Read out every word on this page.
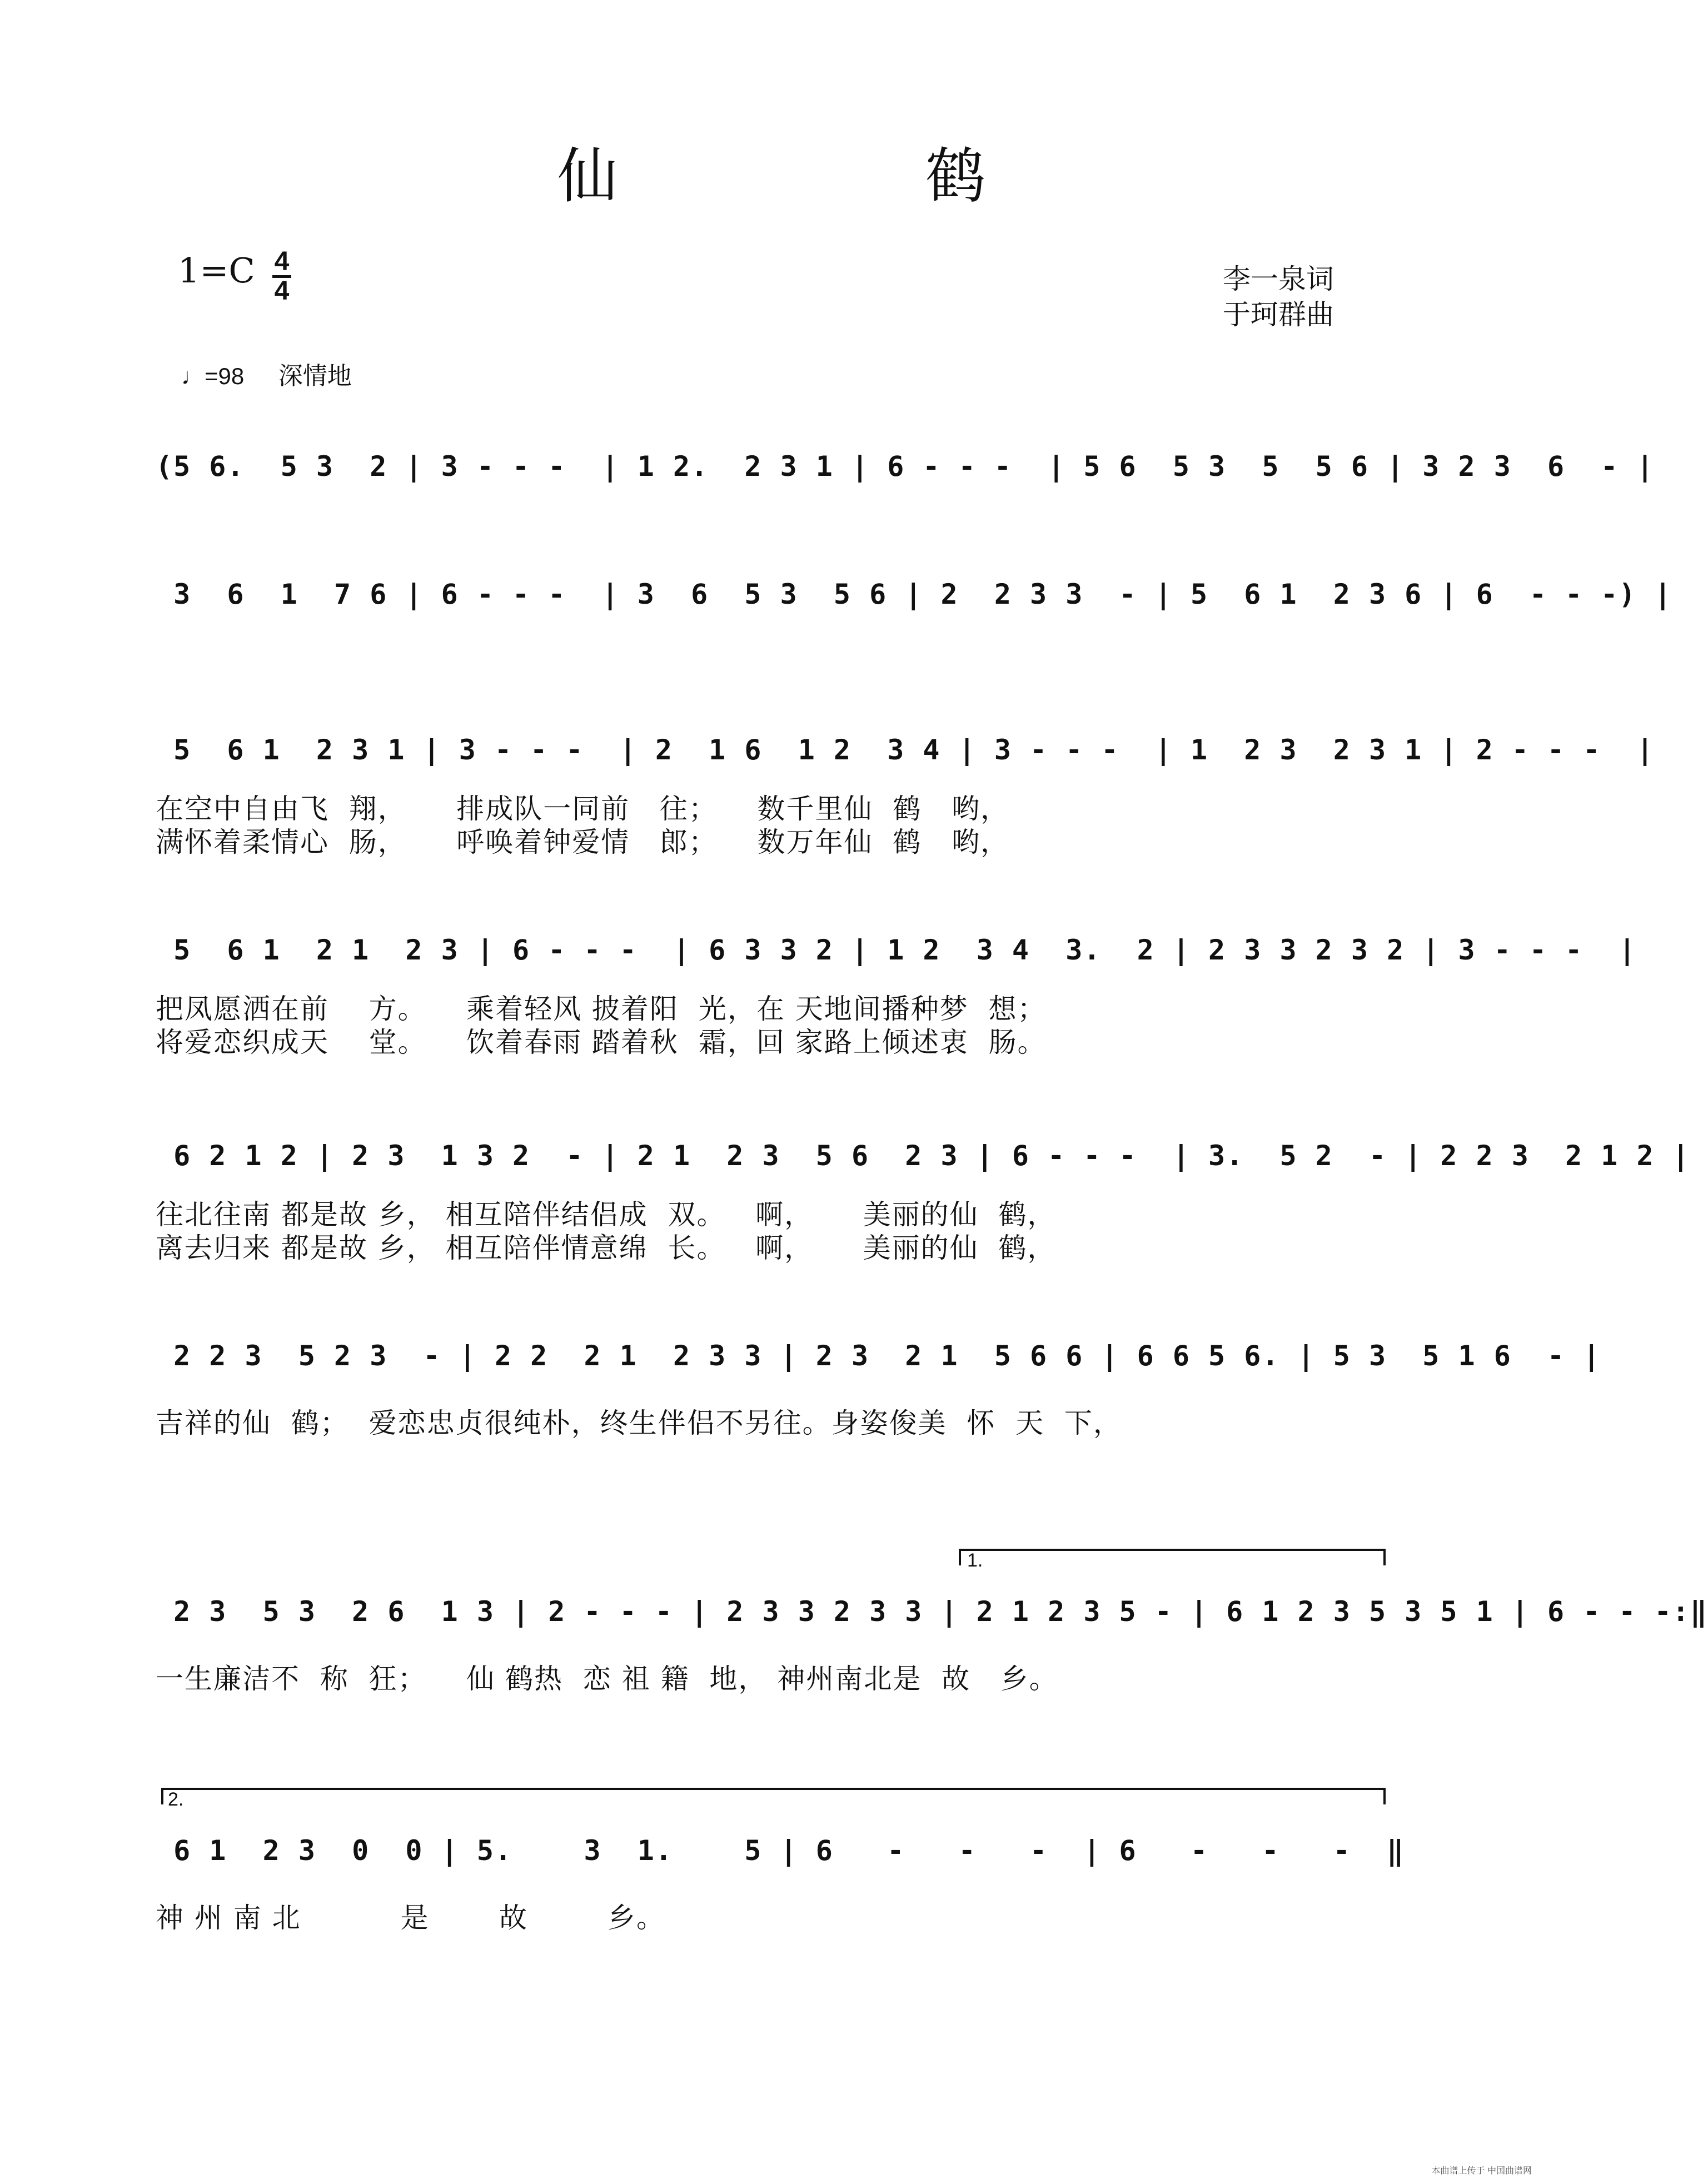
仙 鹤
1=C 4
4	李一泉词
于珂群曲
♩=98 深情地
(5 6.  5 3  2 | 3 - - -  | 1 2.  2 3 1 | 6 - - -  | 5 6  5 3  5  5 6 | 3 2 3  6  - |
3  6  1  7 6 | 6 - - -  | 3  6  5 3  5 6 | 2  2 3 3  - | 5  6 1  2 3 6 | 6  - - -) |
5  6 1  2 3 1 | 3 - - -  | 2  1 6  1 2  3 4 | 3 - - -  | 1  2 3  2 3 1 | 2 - - -  |
在空中自由飞  翔，     排成队一同前   往；    数千里仙  鹤   哟，
满怀着柔情心  肠，     呼唤着钟爱情   郎；    数万年仙  鹤   哟，
5  6 1  2 1  2 3 | 6 - - -  | 6 3 3 2 | 1 2  3 4  3.  2 | 2 3 3 2 3 2 | 3 - - -  |
把凤愿洒在前    方。    乘着轻风 披着阳  光，在 天地间播种梦  想；
将爱恋织成天    堂。    饮着春雨 踏着秋  霜，回 家路上倾述衷  肠。
6 2 1 2 | 2 3  1 3 2  - | 2 1  2 3  5 6  2 3 | 6 - - -  | 3.  5 2  - | 2 2 3  2 1 2 |
往北往南 都是故 乡， 相互陪伴结侣成  双。   啊，     美丽的仙  鹤，
离去归来 都是故 乡， 相互陪伴情意绵  长。   啊，     美丽的仙  鹤，
2 2 3  5 2 3  - | 2 2  2 1  2 3 3 | 2 3  2 1  5 6 6 | 6 6 5 6. | 5 3  5 1 6  - |
吉祥的仙  鹤；  爱恋忠贞很纯朴，终生伴侣不另往。身姿俊美  怀  天  下，
1.
2 3  5 3  2 6  1 3 | 2 - - - | 2 3 3 2 3 3 | 2 1 2 3 5 - | 6 1 2 3 5 3 5 1 | 6 - - -:‖
一生廉洁不  称  狂；    仙 鹤热  恋 祖 籍  地， 神州南北是  故   乡。
2.
6 1  2 3  0  0 | 5.    3  1.    5 | 6   -   -   -  | 6   -   -   -  ‖
神 州 南 北          是       故        乡。
本曲谱上传于 中国曲谱网
